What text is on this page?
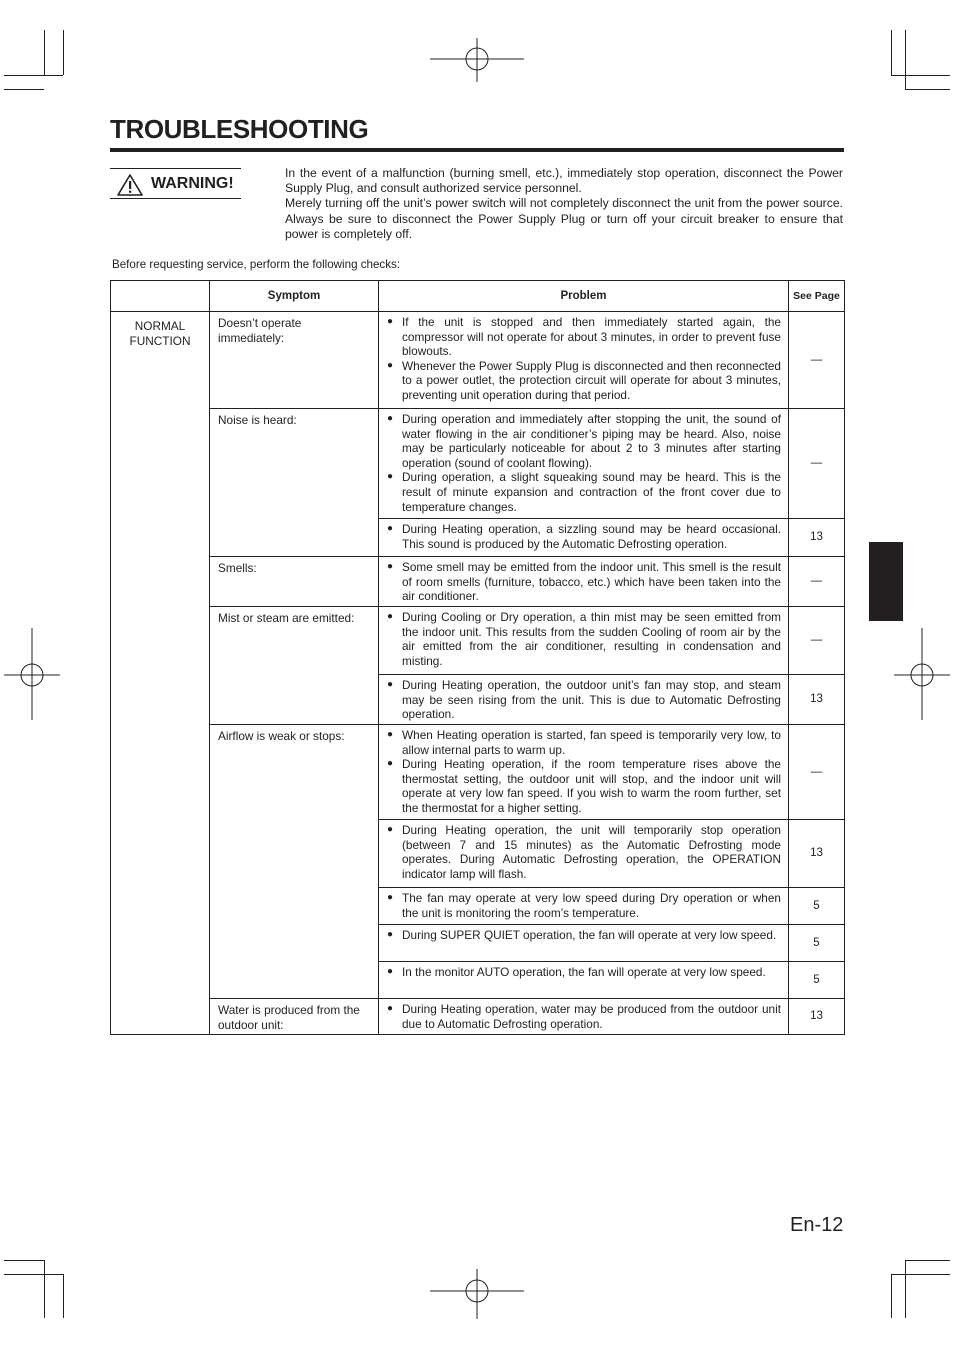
TROUBLESHOOTING
WARNING!

In the event of a malfunction (burning smell, etc.), immediately stop operation, disconnect the Power Supply Plug, and consult authorized service personnel.

Merely turning off the unit’s power switch will not completely disconnect the unit from the power source. Always be sure to disconnect the Power Supply Plug or turn off your circuit breaker to ensure that power is completely off.

Before requesting service, perform the following checks:
	Symptom	Problem	See Page
NORMAL FUNCTION	Doesn’t operate immediately:	● If the unit is stopped and then immediately started again, the compressor will not operate for about 3 minutes, in order to prevent fuse blowouts.
● Whenever the Power Supply Plug is disconnected and then reconnected to a power outlet, the protection circuit will operate for about 3 minutes, preventing unit operation during that period.	—
	Noise is heard:	● During operation and immediately after stopping the unit, the sound of water flowing in the air conditioner’s piping may be heard. Also, noise may be particularly noticeable for about 2 to 3 minutes after starting operation (sound of coolant flowing).
● During operation, a slight squeaking sound may be heard. This is the result of minute expansion and contraction of the front cover due to temperature changes.	—

		● During Heating operation, a sizzling sound may be heard occasional. This sound is produced by the Automatic Defrosting operation.	13
	Smells:	● Some smell may be emitted from the indoor unit. This smell is the result of room smells (furniture, tobacco, etc.) which have been taken into the air conditioner.	—
	Mist or steam are emitted:	● During Cooling or Dry operation, a thin mist may be seen emitted from the indoor unit. This results from the sudden Cooling of room air by the air emitted from the air conditioner, resulting in condensation and misting.	—

		● During Heating operation, the outdoor unit’s fan may stop, and steam may be seen rising from the unit. This is due to Automatic Defrosting operation.	13
	Airflow is weak or stops:	● When Heating operation is started, fan speed is temporarily very low, to allow internal parts to warm up.
● During Heating operation, if the room temperature rises above the thermostat setting, the outdoor unit will stop, and the indoor unit will operate at very low fan speed. If you wish to warm the room further, set the thermostat for a higher setting.	—

		● During Heating operation, the unit will temporarily stop operation (between 7 and 15 minutes) as the Automatic Defrosting mode operates. During Automatic Defrosting operation, the OPERATION indicator lamp will flash.	13

		● The fan may operate at very low speed during Dry operation or when the unit is monitoring the room’s temperature.	5

		● During SUPER QUIET operation, the fan will operate at very low speed.	5

		● In the monitor AUTO operation, the fan will operate at very low speed.	5
	Water is produced from the outdoor unit:	● During Heating operation, water may be produced from the outdoor unit due to Automatic Defrosting operation.	13
En-12
